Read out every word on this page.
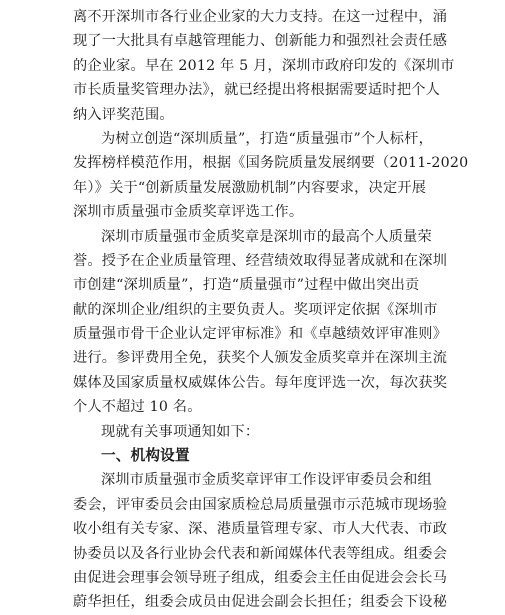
离不开深圳市各行业企业家的大力支持。在这一过程中，涌
现了一大批具有卓越管理能力、创新能力和强烈社会责任感
的企业家。早在 2012 年 5 月，深圳市政府印发的《深圳市
市长质量奖管理办法》，就已经提出将根据需要适时把个人
纳入评奖范围。
为树立创造“深圳质量”，打造“质量强市”个人标杆，
发挥榜样模范作用，根据《国务院质量发展纲要（2011-2020
年）》关于“创新质量发展激励机制”内容要求，决定开展
深圳市质量强市金质奖章评选工作。
深圳市质量强市金质奖章是深圳市的最高个人质量荣
誉。授予在企业质量管理、经营绩效取得显著成就和在深圳
市创建“深圳质量”，打造“质量强市”过程中做出突出贡
献的深圳企业/组织的主要负责人。奖项评定依据《深圳市
质量强市骨干企业认定评审标准》和《卓越绩效评审准则》
进行。参评费用全免，获奖个人颁发金质奖章并在深圳主流
媒体及国家质量权威媒体公告。每年度评选一次，每次获奖
个人不超过 10 名。
现就有关事项通知如下：
一、机构设置
深圳市质量强市金质奖章评审工作设评审委员会和组
委会，评审委员会由国家质检总局质量强市示范城市现场验
收小组有关专家、深、港质量管理专家、市人大代表、市政
协委员以及各行业协会代表和新闻媒体代表等组成。组委会
由促进会理事会领导班子组成，组委会主任由促进会会长马
蔚华担任，组委会成员由促进会副会长担任；组委会下设秘
